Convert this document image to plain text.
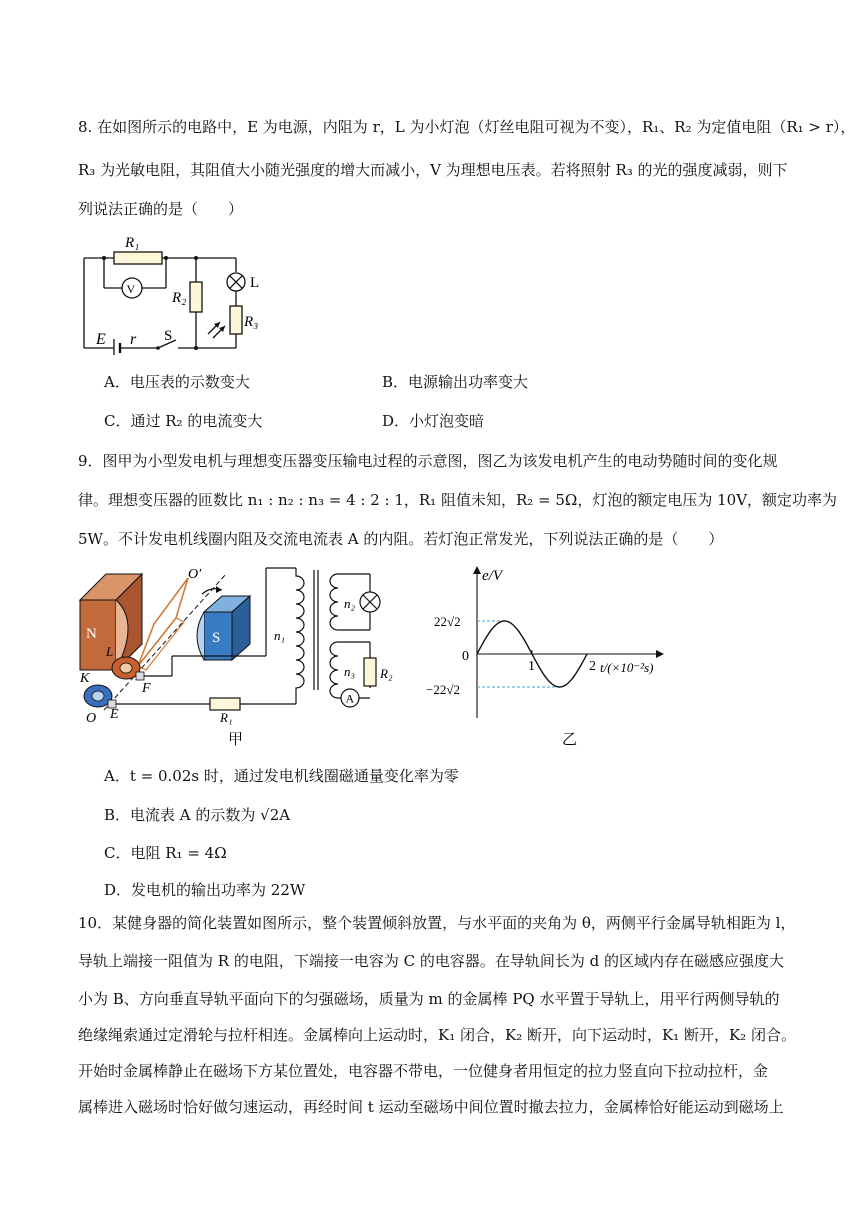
8. 在如图所示的电路中，E 为电源，内阻为 r，L 为小灯泡（灯丝电阻可视为不变），R₁、R₂ 为定值电阻（R₁ > r），
R₃ 为光敏电阻，其阻值大小随光强度的增大而减小，V 为理想电压表。若将照射 R₃ 的光的强度减弱，则下
列说法正确的是（　　）
R₁
V
R₂
L
R₃
E r S
A．电压表的示数变大	B．电源输出功率变大
C．通过 R₂ 的电流变大	D．小灯泡变暗
9．图甲为小型发电机与理想变压器变压输电过程的示意图，图乙为该发电机产生的电动势随时间的变化规
律。理想变压器的匝数比 n₁ : n₂ : n₃ = 4 : 2 : 1，R₁ 阻值未知，R₂ = 5Ω，灯泡的额定电压为 10V，额定功率为
5W。不计发电机线圈内阻及交流电流表 A 的内阻。若灯泡正常发光，下列说法正确的是（　　）
O′
N	S
L
K
F
O E
n₁
n₂
n₃
R₁
R₂
A
甲
e/V
22√2
0
−22√2
1	2 t/(×10⁻²s)
乙
A．t = 0.02s 时，通过发电机线圈磁通量变化率为零
B．电流表 A 的示数为 √2A
C．电阻 R₁ = 4Ω
D．发电机的输出功率为 22W
10．某健身器的简化装置如图所示，整个装置倾斜放置，与水平面的夹角为 θ，两侧平行金属导轨相距为 l，
导轨上端接一阻值为 R 的电阻，下端接一电容为 C 的电容器。在导轨间长为 d 的区域内存在磁感应强度大
小为 B、方向垂直导轨平面向下的匀强磁场，质量为 m 的金属棒 PQ 水平置于导轨上，用平行两侧导轨的
绝缘绳索通过定滑轮与拉杆相连。金属棒向上运动时，K₁ 闭合，K₂ 断开，向下运动时，K₁ 断开，K₂ 闭合。
开始时金属棒静止在磁场下方某位置处，电容器不带电，一位健身者用恒定的拉力竖直向下拉动拉杆，金
属棒进入磁场时恰好做匀速运动，再经时间 t 运动至磁场中间位置时撤去拉力，金属棒恰好能运动到磁场上
